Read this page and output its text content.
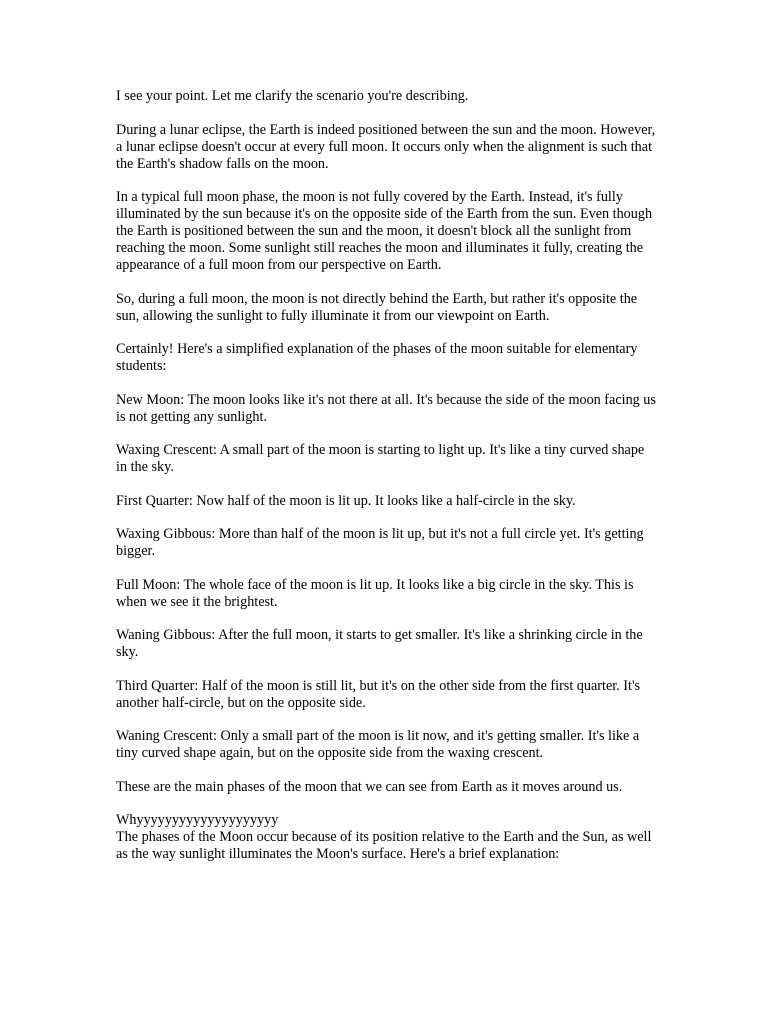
I see your point. Let me clarify the scenario you're describing.

During a lunar eclipse, the Earth is indeed positioned between the sun and the moon. However, a lunar eclipse doesn't occur at every full moon. It occurs only when the alignment is such that the Earth's shadow falls on the moon.

In a typical full moon phase, the moon is not fully covered by the Earth. Instead, it's fully illuminated by the sun because it's on the opposite side of the Earth from the sun. Even though the Earth is positioned between the sun and the moon, it doesn't block all the sunlight from reaching the moon. Some sunlight still reaches the moon and illuminates it fully, creating the appearance of a full moon from our perspective on Earth.

So, during a full moon, the moon is not directly behind the Earth, but rather it's opposite the sun, allowing the sunlight to fully illuminate it from our viewpoint on Earth.

Certainly! Here's a simplified explanation of the phases of the moon suitable for elementary students:

New Moon: The moon looks like it's not there at all. It's because the side of the moon facing us is not getting any sunlight.

Waxing Crescent: A small part of the moon is starting to light up. It's like a tiny curved shape in the sky.

First Quarter: Now half of the moon is lit up. It looks like a half-circle in the sky.

Waxing Gibbous: More than half of the moon is lit up, but it's not a full circle yet. It's getting bigger.

Full Moon: The whole face of the moon is lit up. It looks like a big circle in the sky. This is when we see it the brightest.

Waning Gibbous: After the full moon, it starts to get smaller. It's like a shrinking circle in the sky.

Third Quarter: Half of the moon is still lit, but it's on the other side from the first quarter. It's another half-circle, but on the opposite side.

Waning Crescent: Only a small part of the moon is lit now, and it's getting smaller. It's like a tiny curved shape again, but on the opposite side from the waxing crescent.

These are the main phases of the moon that we can see from Earth as it moves around us.

Whyyyyyyyyyyyyyyyyyyyy

The phases of the Moon occur because of its position relative to the Earth and the Sun, as well as the way sunlight illuminates the Moon's surface. Here's a brief explanation:
